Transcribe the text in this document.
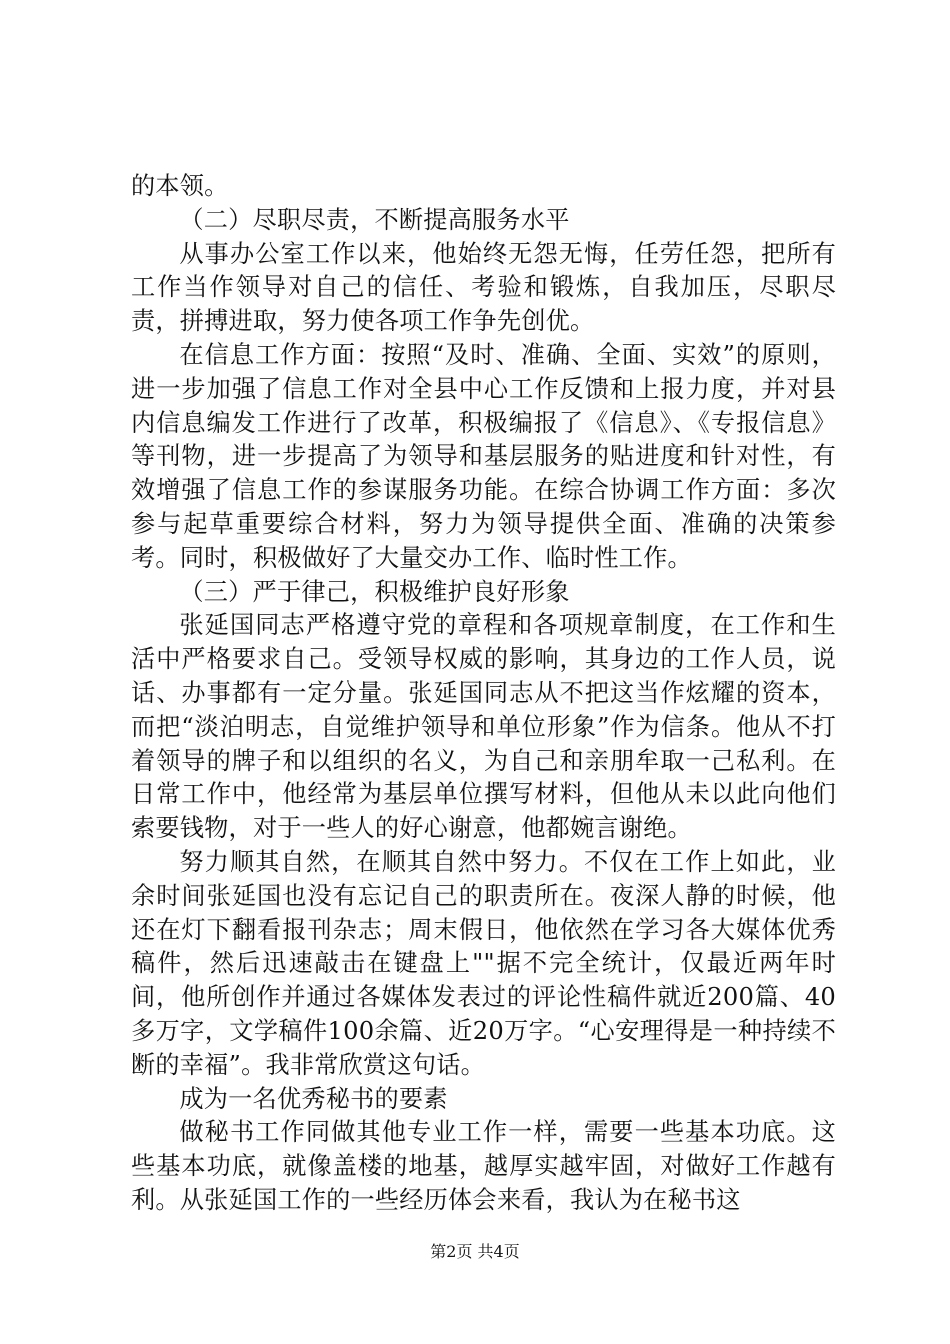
的本领。

（二）尽职尽责，不断提高服务水平

从事办公室工作以来，他始终无怨无悔，任劳任怨，把所有工作当作领导对自己的信任、考验和锻炼，自我加压，尽职尽责，拼搏进取，努力使各项工作争先创优。

在信息工作方面：按照“及时、准确、全面、实效”的原则，进一步加强了信息工作对全县中心工作反馈和上报力度，并对县内信息编发工作进行了改革，积极编报了《信息》、《专报信息》等刊物，进一步提高了为领导和基层服务的贴进度和针对性，有效增强了信息工作的参谋服务功能。在综合协调工作方面：多次参与起草重要综合材料，努力为领导提供全面、准确的决策参考。同时，积极做好了大量交办工作、临时性工作。

（三）严于律己，积极维护良好形象

张延国同志严格遵守党的章程和各项规章制度，在工作和生活中严格要求自己。受领导权威的影响，其身边的工作人员，说话、办事都有一定分量。张延国同志从不把这当作炫耀的资本，而把“淡泊明志，自觉维护领导和单位形象”作为信条。他从不打着领导的牌子和以组织的名义，为自己和亲朋牟取一己私利。在日常工作中，他经常为基层单位撰写材料，但他从未以此向他们索要钱物，对于一些人的好心谢意，他都婉言谢绝。

努力顺其自然，在顺其自然中努力。不仅在工作上如此，业余时间张延国也没有忘记自己的职责所在。夜深人静的时候，他还在灯下翻看报刊杂志；周末假日，他依然在学习各大媒体优秀稿件，然后迅速敲击在键盘上""据不完全统计，仅最近两年时间，他所创作并通过各媒体发表过的评论性稿件就近200篇、40多万字，文学稿件100余篇、近20万字。“心安理得是一种持续不断的幸福”。我非常欣赏这句话。

成为一名优秀秘书的要素

做秘书工作同做其他专业工作一样，需要一些基本功底。这些基本功底，就像盖楼的地基，越厚实越牢固，对做好工作越有利。从张延国工作的一些经历体会来看，我认为在秘书这

第2页 共4页
